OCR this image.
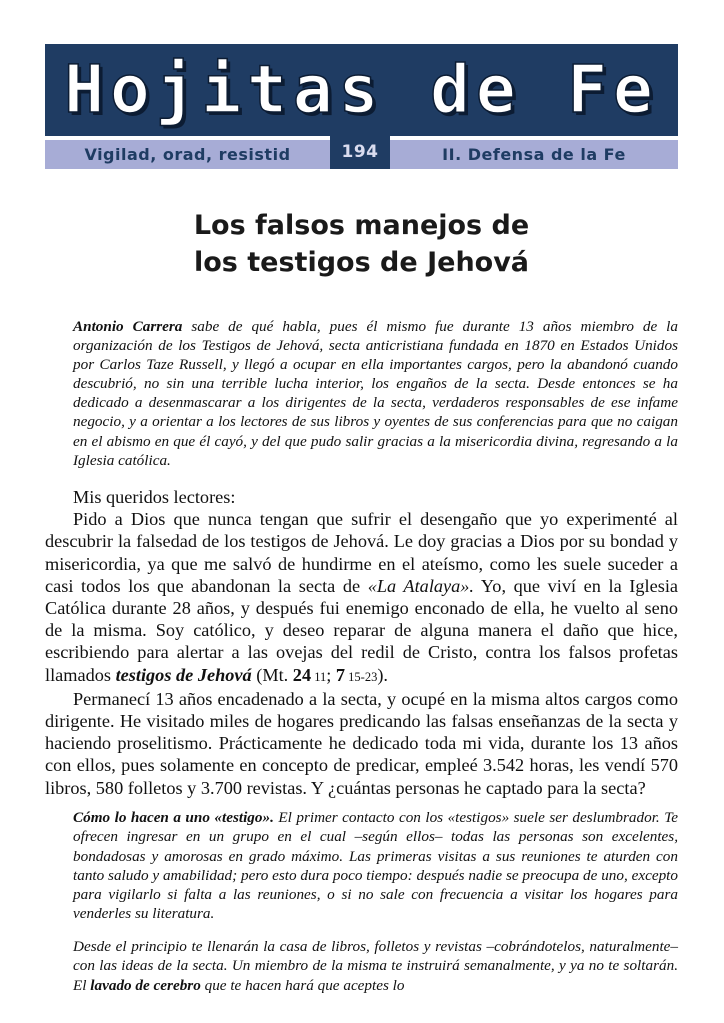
Hojitas de Fe
Vigilad, orad, resistid	194	II. Defensa de la Fe
Los falsos manejos de
los testigos de Jehová
Antonio Carrera sabe de qué habla, pues él mismo fue durante 13 años miembro de la organización de los Testigos de Jehová, secta anticristiana fundada en 1870 en Estados Unidos por Carlos Taze Russell, y llegó a ocupar en ella importantes cargos, pero la abandonó cuando descubrió, no sin una terrible lucha interior, los engaños de la secta. Desde entonces se ha dedicado a desenmascarar a los dirigentes de la secta, verdaderos responsables de ese infame negocio, y a orientar a los lectores de sus libros y oyentes de sus conferencias para que no caigan en el abismo en que él cayó, y del que pudo salir gracias a la misericordia divina, regresando a la Iglesia católica.

Mis queridos lectores:

Pido a Dios que nunca tengan que sufrir el desengaño que yo experimenté al descubrir la falsedad de los testigos de Jehová. Le doy gracias a Dios por su bondad y misericordia, ya que me salvó de hundirme en el ateísmo, como les suele suceder a casi todos los que abandonan la secta de «La Atalaya». Yo, que viví en la Iglesia Católica durante 28 años, y después fui enemigo enconado de ella, he vuelto al seno de la misma. Soy católico, y deseo reparar de alguna manera el daño que hice, escribiendo para alertar a las ovejas del redil de Cristo, contra los falsos profetas llamados testigos de Jehová (Mt. 24 11; 7 15-23).

Permanecí 13 años encadenado a la secta, y ocupé en la misma altos cargos como dirigente. He visitado miles de hogares predicando las falsas enseñanzas de la secta y haciendo proselitismo. Prácticamente he dedicado toda mi vida, durante los 13 años con ellos, pues solamente en concepto de predicar, empleé 3.542 horas, les vendí 570 libros, 580 folletos y 3.700 revistas. Y ¿cuántas personas he captado para la secta?

Cómo lo hacen a uno «testigo». El primer contacto con los «testigos» suele ser deslumbrador. Te ofrecen ingresar en un grupo en el cual –según ellos– todas las personas son excelentes, bondadosas y amorosas en grado máximo. Las primeras visitas a sus reuniones te aturden con tanto saludo y amabilidad; pero esto dura poco tiempo: después nadie se preocupa de uno, excepto para vigilarlo si falta a las reuniones, o si no sale con frecuencia a visitar los hogares para venderles su literatura.
Desde el principio te llenarán la casa de libros, folletos y revistas –cobrándotelos, naturalmente– con las ideas de la secta. Un miembro de la misma te instruirá semanalmente, y ya no te soltarán. El lavado de cerebro que te hacen hará que aceptes lo
